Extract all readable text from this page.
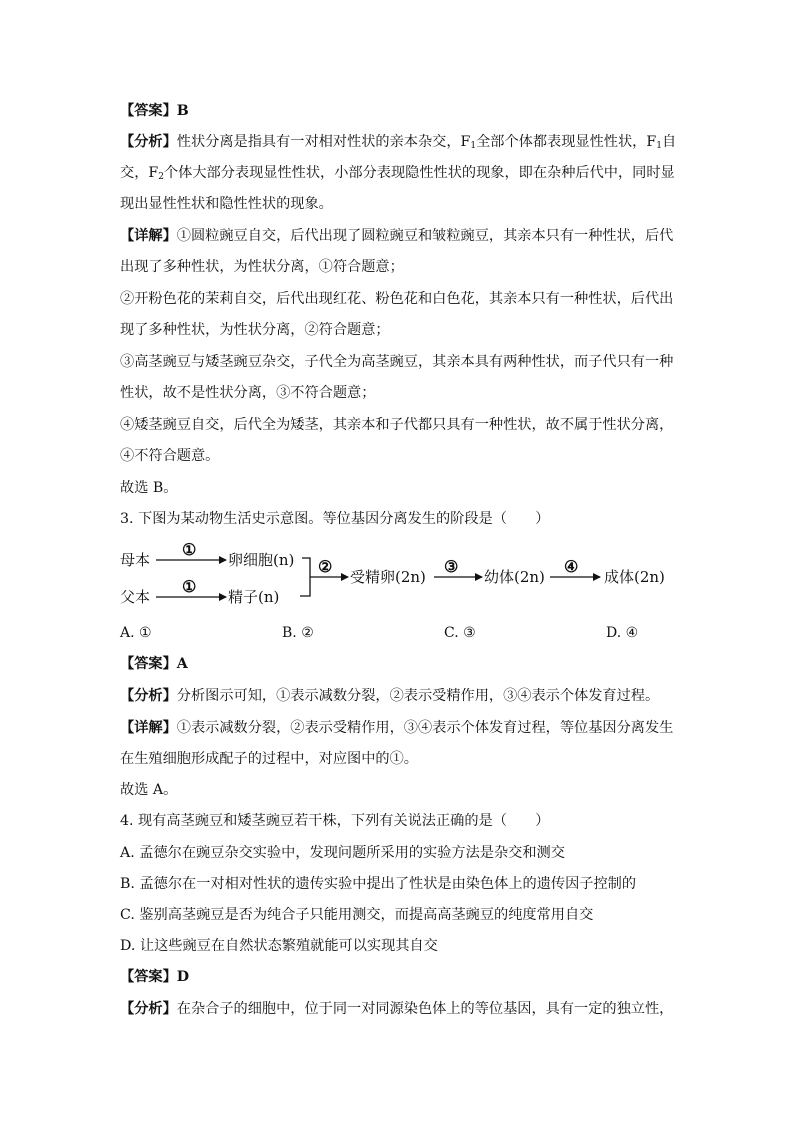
【答案】B
【分析】性状分离是指具有一对相对性状的亲本杂交，$F_1$全部个体都表现显性性状，$F_1$自
交，$F_2$个体大部分表现显性性状，小部分表现隐性性状的现象，即在杂种后代中，同时显
现出显性性状和隐性性状的现象。
【详解】①圆粒豌豆自交，后代出现了圆粒豌豆和皱粒豌豆，其亲本只有一种性状，后代
出现了多种性状，为性状分离，①符合题意；
②开粉色花的茉莉自交，后代出现红花、粉色花和白色花，其亲本只有一种性状，后代出
现了多种性状，为性状分离，②符合题意；
③高茎豌豆与矮茎豌豆杂交，子代全为高茎豌豆，其亲本具有两种性状，而子代只有一种
性状，故不是性状分离，③不符合题意；
④矮茎豌豆自交，后代全为矮茎，其亲本和子代都只具有一种性状，故不属于性状分离，
④不符合题意。
故选 B。
3. 下图为某动物生活史示意图。等位基因分离发生的阶段是（　　）
母本
父本
①
①
卵细胞(n)
精子(n)
②
受精卵(2n)
③
幼体(2n)
④
成体(2n)
A. ①	B. ②	C. ③	D. ④
【答案】A
【分析】分析图示可知，①表示减数分裂，②表示受精作用，③④表示个体发育过程。
【详解】①表示减数分裂，②表示受精作用，③④表示个体发育过程，等位基因分离发生
在生殖细胞形成配子的过程中，对应图中的①。
故选 A。
4. 现有高茎豌豆和矮茎豌豆若干株，下列有关说法正确的是（　　）
A. 孟德尔在豌豆杂交实验中，发现问题所采用的实验方法是杂交和测交
B. 孟德尔在一对相对性状的遗传实验中提出了性状是由染色体上的遗传因子控制的
C. 鉴别高茎豌豆是否为纯合子只能用测交，而提高高茎豌豆的纯度常用自交
D. 让这些豌豆在自然状态繁殖就能可以实现其自交
【答案】D
【分析】在杂合子的细胞中，位于同一对同源染色体上的等位基因，具有一定的独立性，
